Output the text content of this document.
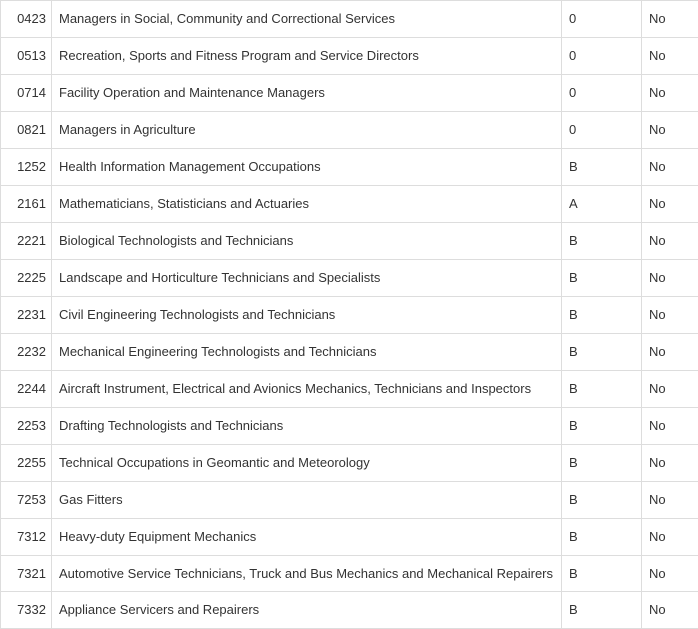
0423	Managers in Social, Community and Correctional Services	0	No
0513	Recreation, Sports and Fitness Program and Service Directors	0	No
0714	Facility Operation and Maintenance Managers	0	No
0821	Managers in Agriculture	0	No
1252	Health Information Management Occupations	B	No
2161	Mathematicians, Statisticians and Actuaries	A	No
2221	Biological Technologists and Technicians	B	No
2225	Landscape and Horticulture Technicians and Specialists	B	No
2231	Civil Engineering Technologists and Technicians	B	No
2232	Mechanical Engineering Technologists and Technicians	B	No
2244	Aircraft Instrument, Electrical and Avionics Mechanics, Technicians and Inspectors	B	No
2253	Drafting Technologists and Technicians	B	No
2255	Technical Occupations in Geomantic and Meteorology	B	No
7253	Gas Fitters	B	No
7312	Heavy-duty Equipment Mechanics	B	No
7321	Automotive Service Technicians, Truck and Bus Mechanics and Mechanical Repairers	B	No
7332	Appliance Servicers and Repairers	B	No
